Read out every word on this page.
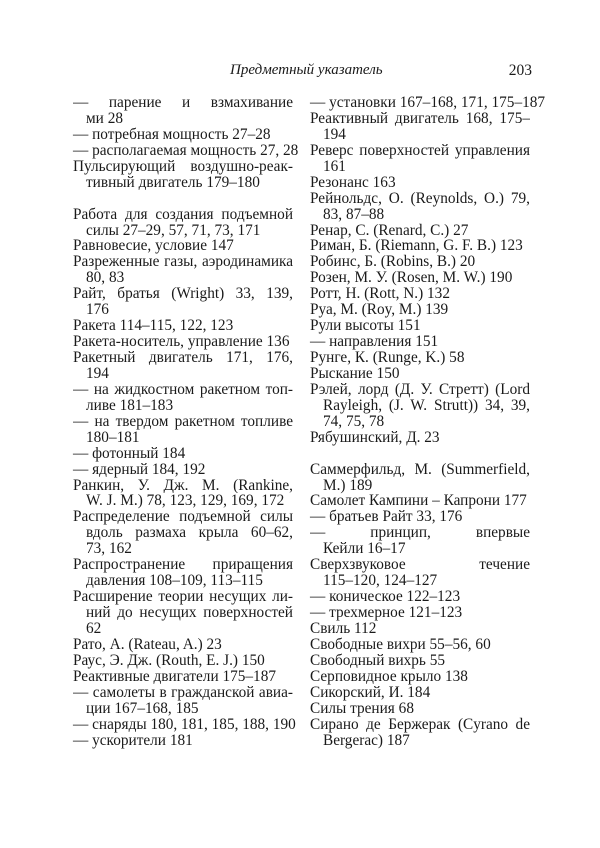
Предметный указатель	203
— парение и взмахивание
ми 28
— потребная мощность 27–28
— располагаемая мощность 27, 28
Пульсирующий воздушно-реак-
тивный двигатель 179–180
Работа для создания подъемной
силы 27–29, 57, 71, 73, 171
Равновесие, условие 147
Разреженные газы, аэродинамика
80, 83
Райт, братья (Wright) 33, 139,
176
Ракета 114–115, 122, 123
Ракета-носитель, управление 136
Ракетный двигатель 171, 176,
194
— на жидкостном ракетном топ-
ливе 181–183
— на твердом ракетном топливе
180–181
— фотонный 184
— ядерный 184, 192
Ранкин, У. Дж. М. (Rankine,
W. J. M.) 78, 123, 129, 169, 172
Распределение подъемной силы
вдоль размаха крыла 60–62,
73, 162
Распространение приращения
давления 108–109, 113–115
Расширение теории несущих ли-
ний до несущих поверхностей
62
Рато, А. (Rateau, A.) 23
Раус, Э. Дж. (Routh, E. J.) 150
Реактивные двигатели 175–187
— самолеты в гражданской авиа-
ции 167–168, 185
— снаряды 180, 181, 185, 188, 190
— ускорители 181
— установки 167–168, 171, 175–187
Реактивный двигатель 168, 175–
194
Реверс поверхностей управления
161
Резонанс 163
Рейнольдс, О. (Reynolds, O.) 79,
83, 87–88
Ренар, С. (Renard, C.) 27
Риман, Б. (Riemann, G. F. B.) 123
Робинс, Б. (Robins, B.) 20
Розен, М. У. (Rosen, M. W.) 190
Ротт, Н. (Rott, N.) 132
Руа, М. (Roy, M.) 139
Рули высоты 151
— направления 151
Рунге, К. (Runge, K.) 58
Рыскание 150
Рэлей, лорд (Д. У. Стретт) (Lord
Rayleigh, (J. W. Strutt)) 34, 39,
74, 75, 78
Рябушинский, Д. 23
Саммерфильд, М. (Summerfield,
M.) 189
Самолет Кампини – Капрони 177
— братьев Райт 33, 176
— принцип, впервые
Кейли 16–17
Сверхзвуковое течение
115–120, 124–127
— коническое 122–123
— трехмерное 121–123
Свиль 112
Свободные вихри 55–56, 60
Свободный вихрь 55
Серповидное крыло 138
Сикорский, И. 184
Силы трения 68
Сирано де Бержерак (Cyrano de
Bergerac) 187
